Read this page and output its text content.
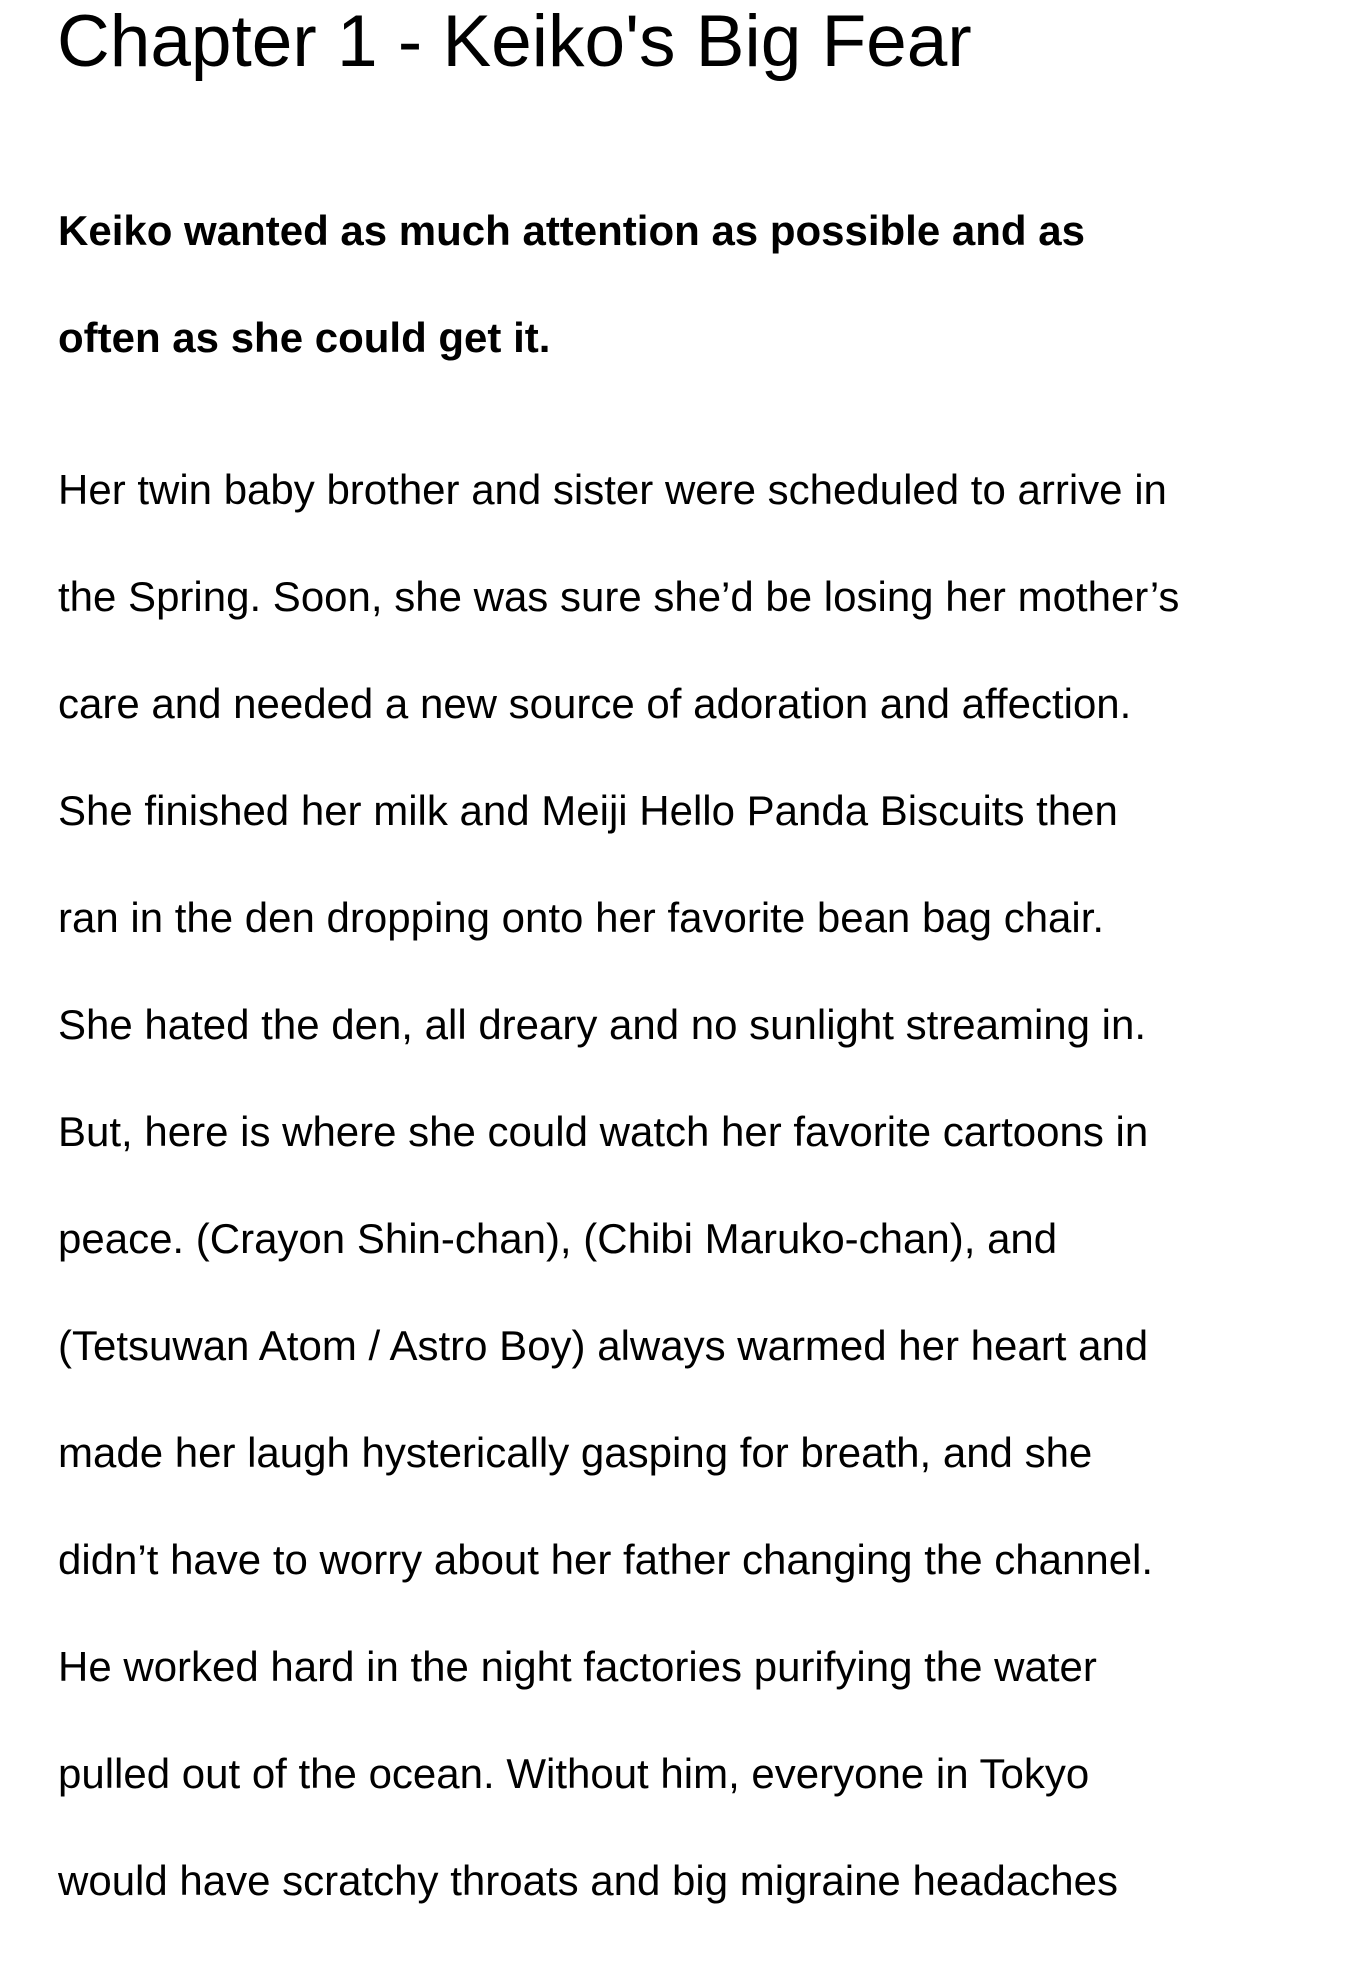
Chapter 1 - Keiko's Big Fear

Keiko wanted as much attention as possible and as

often as she could get it.

Her twin baby brother and sister were scheduled to arrive in

the Spring. Soon, she was sure she’d be losing her mother’s

care and needed a new source of adoration and affection.

She finished her milk and Meiji Hello Panda Biscuits then

ran in the den dropping onto her favorite bean bag chair.

She hated the den, all dreary and no sunlight streaming in.

But, here is where she could watch her favorite cartoons in

peace. (Crayon Shin-chan), (Chibi Maruko-chan), and

(Tetsuwan Atom / Astro Boy) always warmed her heart and

made her laugh hysterically gasping for breath, and she

didn’t have to worry about her father changing the channel.

He worked hard in the night factories purifying the water

pulled out of the ocean. Without him, everyone in Tokyo

would have scratchy throats and big migraine headaches
